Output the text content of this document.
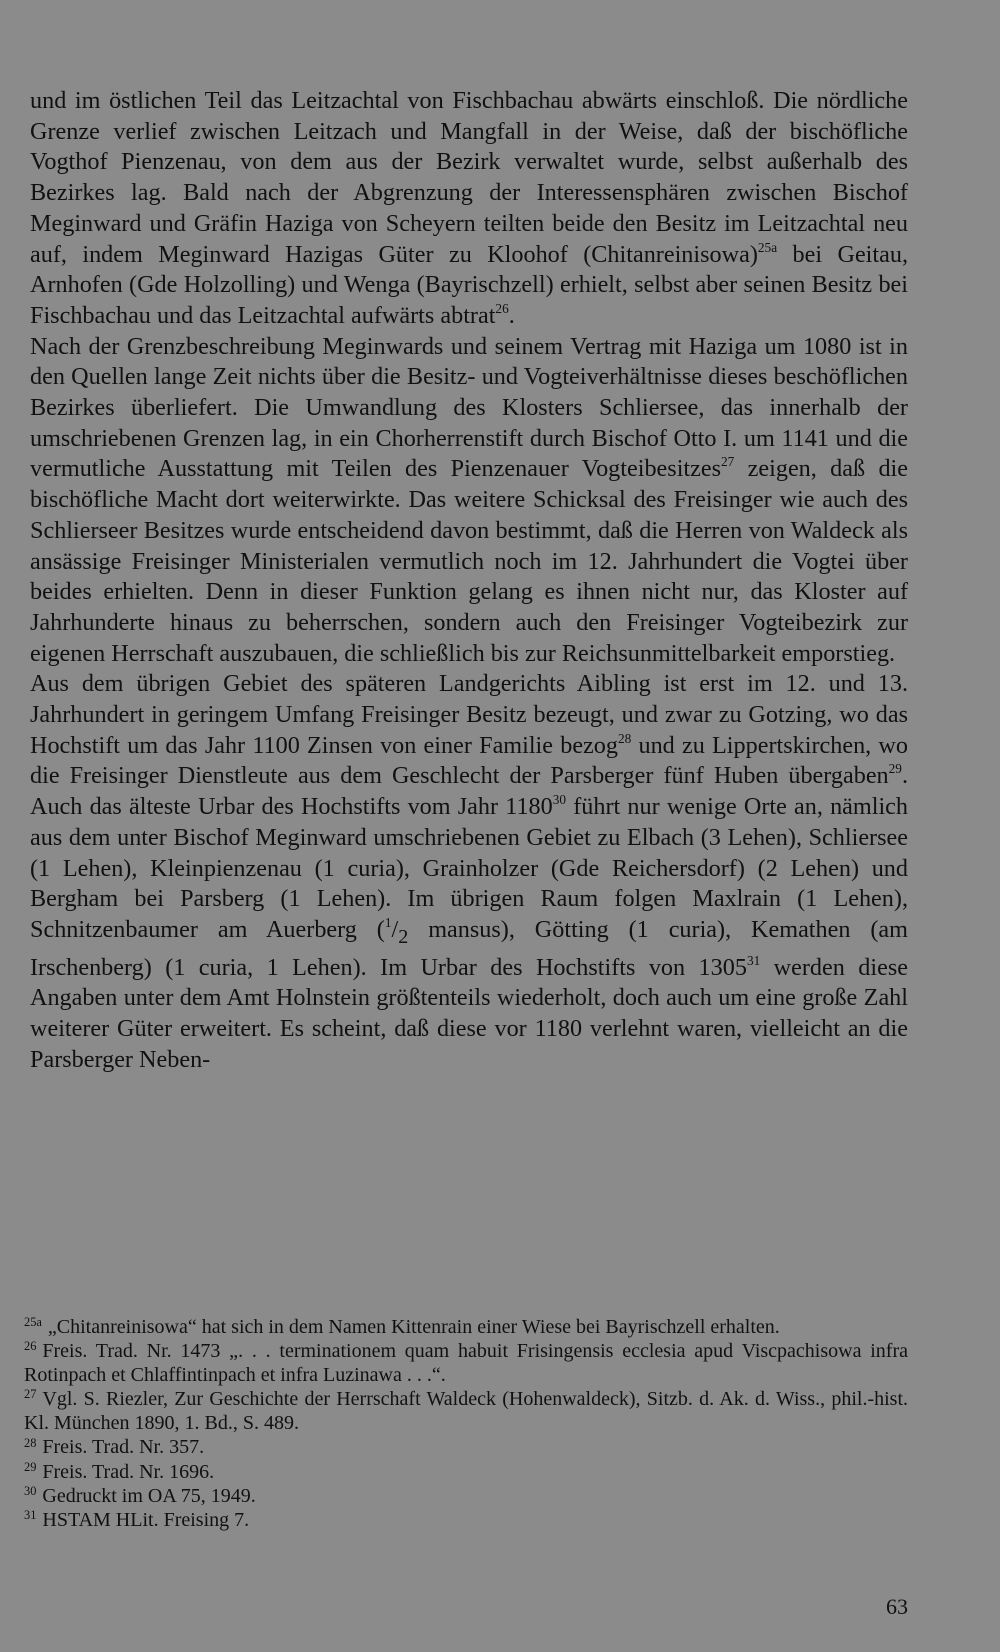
und im östlichen Teil das Leitzachtal von Fischbachau abwärts einschloß. Die nördliche Grenze verlief zwischen Leitzach und Mangfall in der Weise, daß der bischöfliche Vogthof Pienzenau, von dem aus der Bezirk verwaltet wurde, selbst außerhalb des Bezirkes lag. Bald nach der Abgrenzung der Interessensphären zwischen Bischof Meginward und Gräfin Haziga von Scheyern teilten beide den Besitz im Leitzachtal neu auf, indem Meginward Hazigas Güter zu Kloohof (Chitanreinisowa)$^{25a}$ bei Geitau, Arnhofen (Gde Holzolling) und Wenga (Bayrischzell) erhielt, selbst aber seinen Besitz bei Fischbachau und das Leitzachtal aufwärts abtrat$^{26}$.

Nach der Grenzbeschreibung Meginwards und seinem Vertrag mit Haziga um 1080 ist in den Quellen lange Zeit nichts über die Besitz- und Vogteiverhältnisse dieses beschöflichen Bezirkes überliefert. Die Umwandlung des Klosters Schliersee, das innerhalb der umschriebenen Grenzen lag, in ein Chorherrenstift durch Bischof Otto I. um 1141 und die vermutliche Ausstattung mit Teilen des Pienzenauer Vogteibesitzes$^{27}$ zeigen, daß die bischöfliche Macht dort weiterwirkte. Das weitere Schicksal des Freisinger wie auch des Schlierseer Besitzes wurde entscheidend davon bestimmt, daß die Herren von Waldeck als ansässige Freisinger Ministerialen vermutlich noch im 12. Jahrhundert die Vogtei über beides erhielten. Denn in dieser Funktion gelang es ihnen nicht nur, das Kloster auf Jahrhunderte hinaus zu beherrschen, sondern auch den Freisinger Vogteibezirk zur eigenen Herrschaft auszubauen, die schließlich bis zur Reichsunmittelbarkeit emporstieg.

Aus dem übrigen Gebiet des späteren Landgerichts Aibling ist erst im 12. und 13. Jahrhundert in geringem Umfang Freisinger Besitz bezeugt, und zwar zu Gotzing, wo das Hochstift um das Jahr 1100 Zinsen von einer Familie bezog$^{28}$ und zu Lippertskirchen, wo die Freisinger Dienstleute aus dem Geschlecht der Parsberger fünf Huben übergaben$^{29}$. Auch das älteste Urbar des Hochstifts vom Jahr 1180$^{30}$ führt nur wenige Orte an, nämlich aus dem unter Bischof Meginward umschriebenen Gebiet zu Elbach (3 Lehen), Schliersee (1 Lehen), Kleinpienzenau (1 curia), Grainholzer (Gde Reichersdorf) (2 Lehen) und Bergham bei Parsberg (1 Lehen). Im übrigen Raum folgen Maxlrain (1 Lehen), Schnitzenbaumer am Auerberg ($^1/_2$ mansus), Götting (1 curia), Kemathen (am Irschenberg) (1 curia, 1 Lehen). Im Urbar des Hochstifts von 1305$^{31}$ werden diese Angaben unter dem Amt Holnstein größtenteils wiederholt, doch auch um eine große Zahl weiterer Güter erweitert. Es scheint, daß diese vor 1180 verlehnt waren, vielleicht an die Parsberger Neben-

$^{25a}$ „Chitanreinisowa“ hat sich in dem Namen Kittenrain einer Wiese bei Bayrischzell erhalten.

$^{26}$ Freis. Trad. Nr. 1473 „. . . terminationem quam habuit Frisingensis ecclesia apud Viscpachisowa infra Rotinpach et Chlaffintinpach et infra Luzinawa . . .“.

$^{27}$ Vgl. S. Riezler, Zur Geschichte der Herrschaft Waldeck (Hohenwaldeck), Sitzb. d. Ak. d. Wiss., phil.-hist. Kl. München 1890, 1. Bd., S. 489.

$^{28}$ Freis. Trad. Nr. 357.

$^{29}$ Freis. Trad. Nr. 1696.

$^{30}$ Gedruckt im OA 75, 1949.

$^{31}$ HSTAM HLit. Freising 7.

63
